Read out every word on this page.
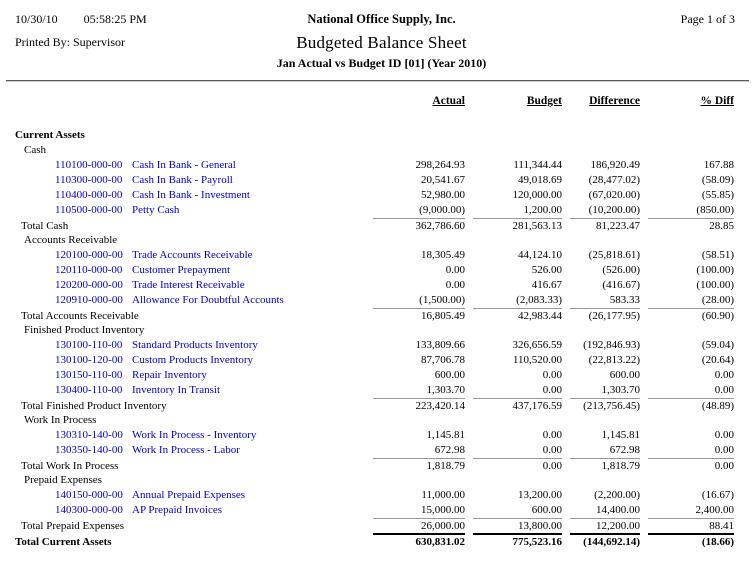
10/30/10 05:58:25 PM
Printed By: Supervisor
National Office Supply, Inc.
Budgeted Balance Sheet
Jan Actual vs Budget ID [01] (Year 2010)
Page 1 of 3
Actual	Budget	Difference	% Diff
Current Assets
Cash
110100-000-00 Cash In Bank - General	298,264.93	111,344.44	186,920.49	167.88
110300-000-00 Cash In Bank - Payroll	20,541.67	49,018.69	(28,477.02)	(58.09)
110400-000-00 Cash In Bank - Investment	52,980.00	120,000.00	(67,020.00)	(55.85)
110500-000-00 Petty Cash	(9,000.00)	1,200.00	(10,200.00)	(850.00)
Total Cash	362,786.60	281,563.13	81,223.47	28.85
Accounts Receivable
120100-000-00 Trade Accounts Receivable	18,305.49	44,124.10	(25,818.61)	(58.51)
120110-000-00 Customer Prepayment	0.00	526.00	(526.00)	(100.00)
120200-000-00 Trade Interest Receivable	0.00	416.67	(416.67)	(100.00)
120910-000-00 Allowance For Doubtful Accounts	(1,500.00)	(2,083.33)	583.33	(28.00)
Total Accounts Receivable	16,805.49	42,983.44	(26,177.95)	(60.90)
Finished Product Inventory
130100-110-00 Standard Products Inventory	133,809.66	326,656.59	(192,846.93)	(59.04)
130100-120-00 Custom Products Inventory	87,706.78	110,520.00	(22,813.22)	(20.64)
130150-110-00 Repair Inventory	600.00	0.00	600.00	0.00
130400-110-00 Inventory In Transit	1,303.70	0.00	1,303.70	0.00
Total Finished Product Inventory	223,420.14	437,176.59	(213,756.45)	(48.89)
Work In Process
130310-140-00 Work In Process - Inventory	1,145.81	0.00	1,145.81	0.00
130350-140-00 Work In Process - Labor	672.98	0.00	672.98	0.00
Total Work In Process	1,818.79	0.00	1,818.79	0.00
Prepaid Expenses
140150-000-00 Annual Prepaid Expenses	11,000.00	13,200.00	(2,200.00)	(16.67)
140300-000-00 AP Prepaid Invoices	15,000.00	600.00	14,400.00	2,400.00
Total Prepaid Expenses	26,000.00	13,800.00	12,200.00	88.41
Total Current Assets	630,831.02	775,523.16	(144,692.14)	(18.66)
